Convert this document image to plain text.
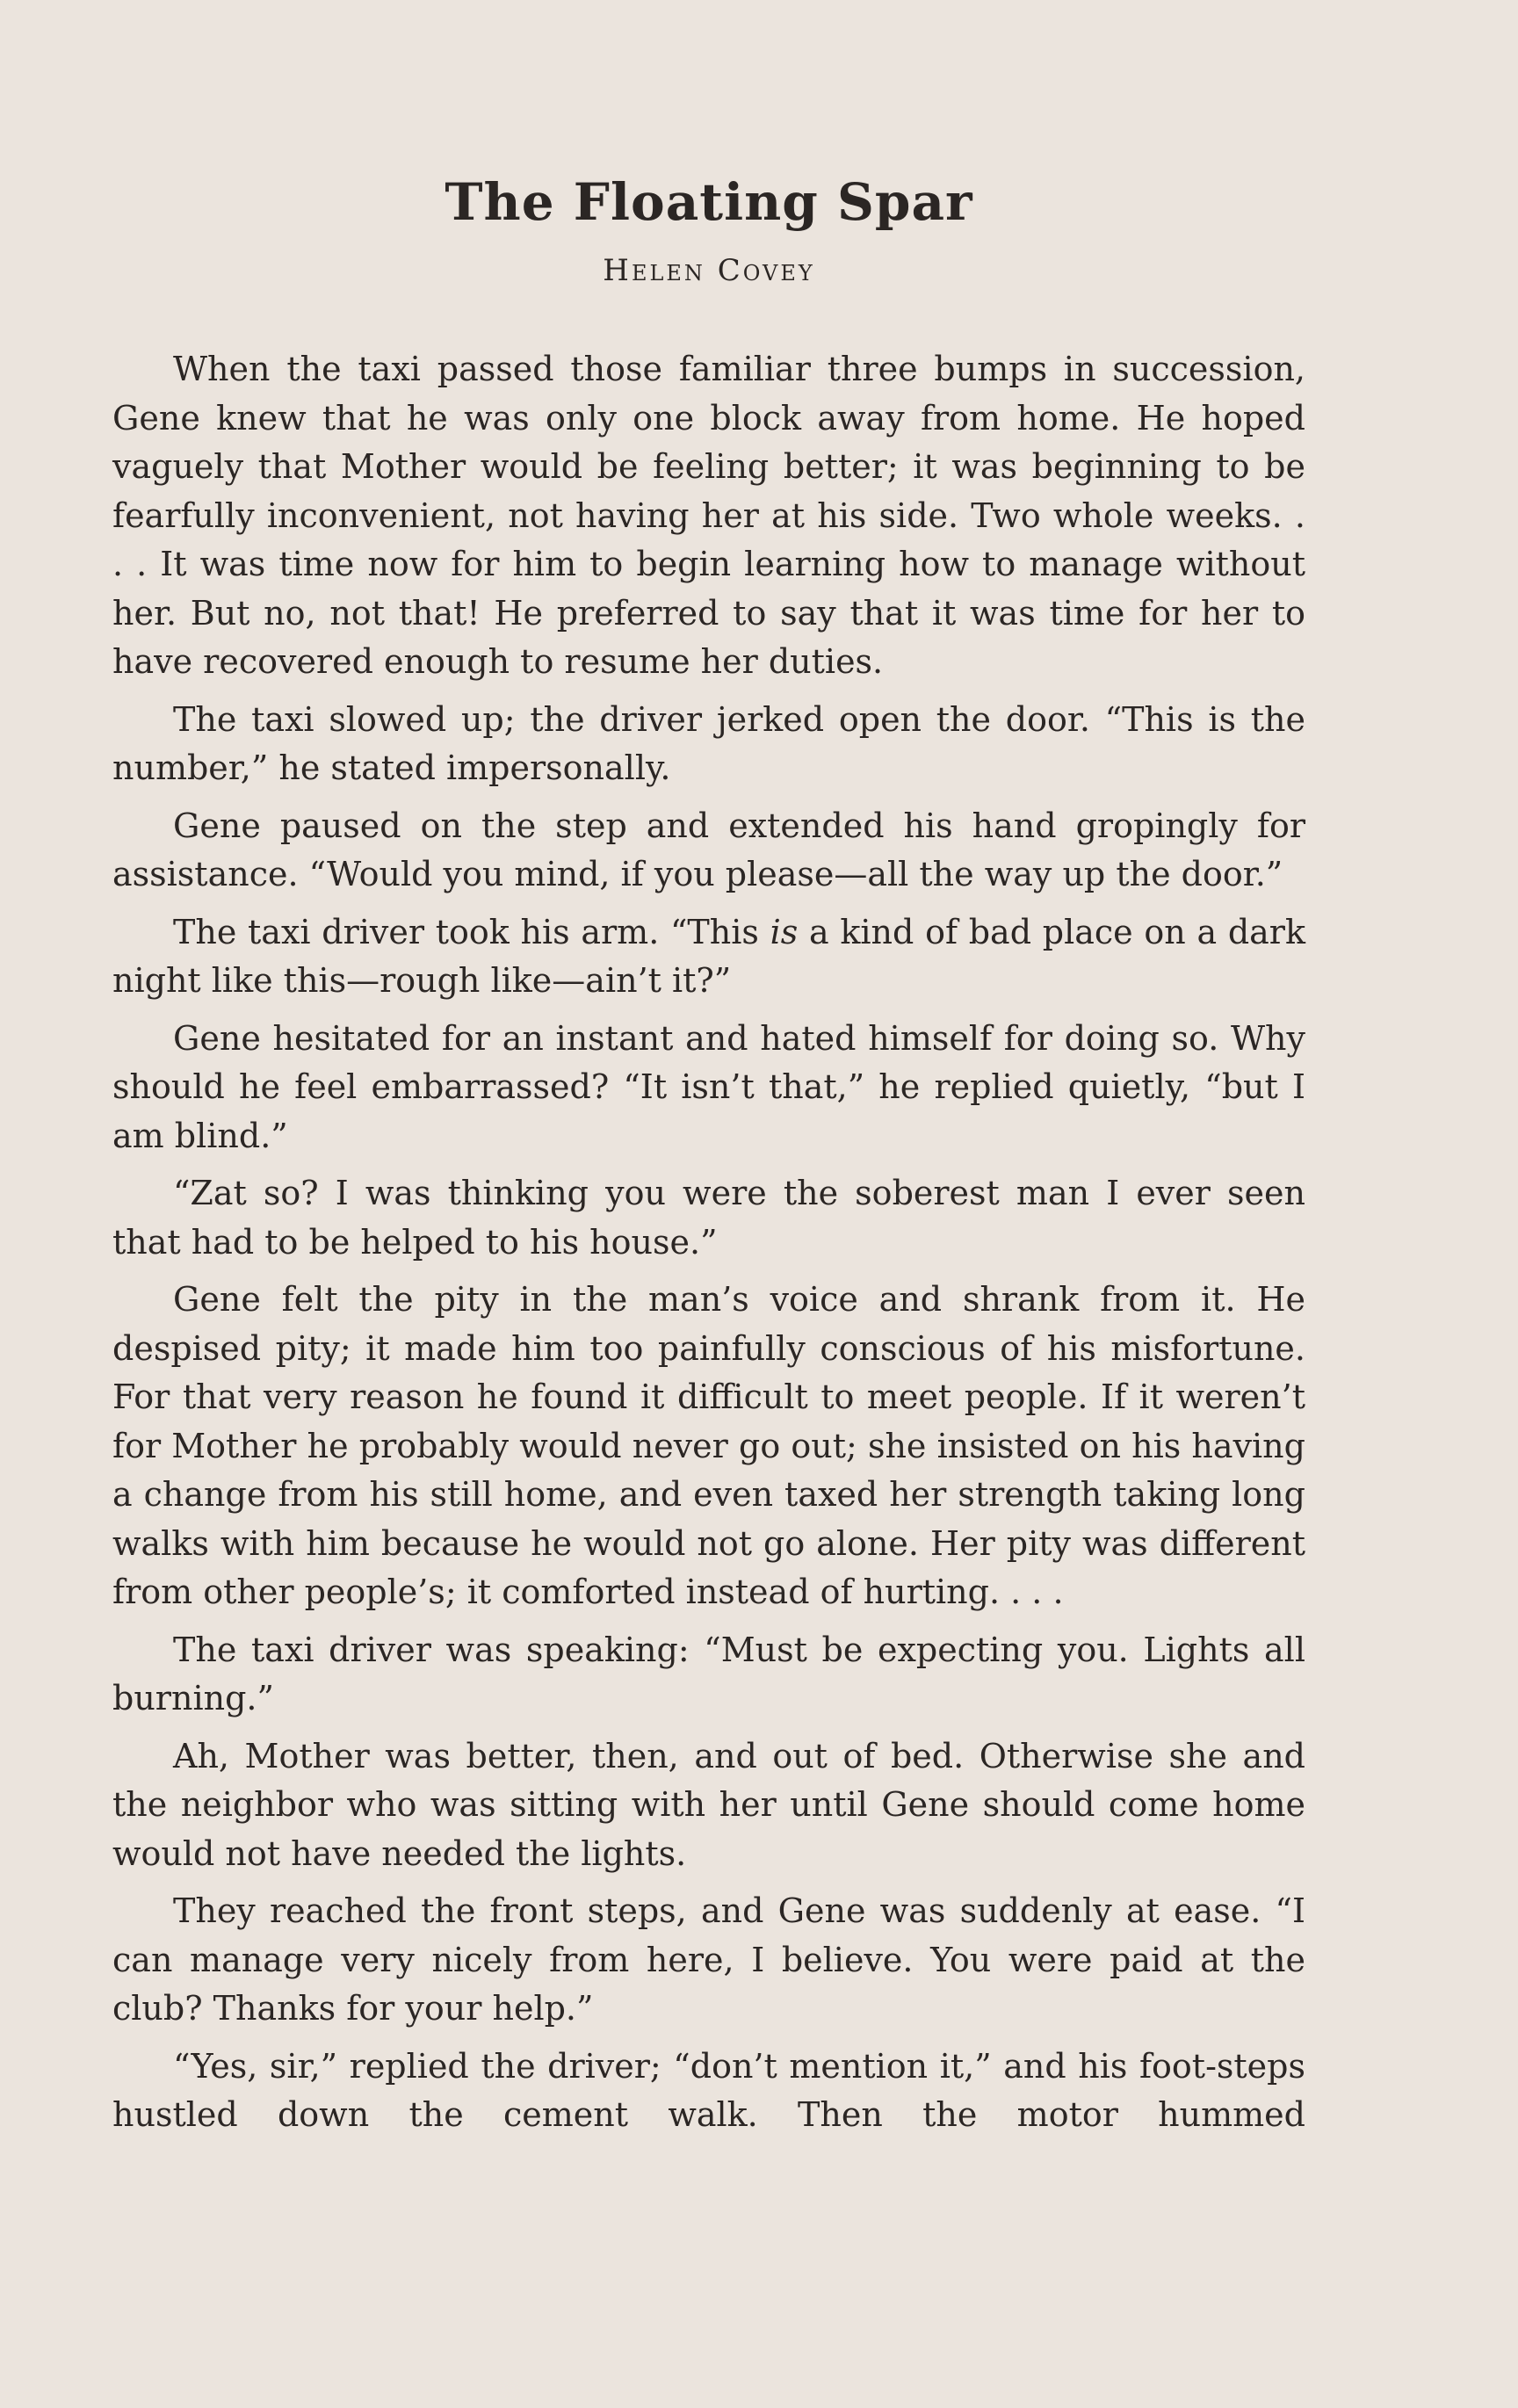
The Floating Spar
Helen Covey

When the taxi passed those familiar three bumps in succession, Gene knew that he was only one block away from home. He hoped vaguely that Mother would be feeling better; it was beginning to be fearfully inconvenient, not having her at his side. Two whole weeks. . . . It was time now for him to begin learning how to manage without her. But no, not that! He preferred to say that it was time for her to have recovered enough to resume her duties.

The taxi slowed up; the driver jerked open the door. “This is the number,” he stated impersonally.

Gene paused on the step and extended his hand gropingly for assistance. “Would you mind, if you please—all the way up the door.”

The taxi driver took his arm. “This is a kind of bad place on a dark night like this—rough like—ain’t it?”

Gene hesitated for an instant and hated himself for doing so. Why should he feel embarrassed? “It isn’t that,” he replied quietly, “but I am blind.”

“Zat so? I was thinking you were the soberest man I ever seen that had to be helped to his house.”

Gene felt the pity in the man’s voice and shrank from it. He despised pity; it made him too painfully conscious of his misfortune. For that very reason he found it difficult to meet people. If it weren’t for Mother he probably would never go out; she insisted on his having a change from his still home, and even taxed her strength taking long walks with him because he would not go alone. Her pity was different from other people’s; it comforted instead of hurting. . . .

The taxi driver was speaking: “Must be expecting you. Lights all burning.”

Ah, Mother was better, then, and out of bed. Otherwise she and the neighbor who was sitting with her until Gene should come home would not have needed the lights.

They reached the front steps, and Gene was suddenly at ease. “I can manage very nicely from here, I believe. You were paid at the club? Thanks for your help.”

“Yes, sir,” replied the driver; “don’t mention it,” and his foot-steps hustled down the cement walk. Then the motor hummed
